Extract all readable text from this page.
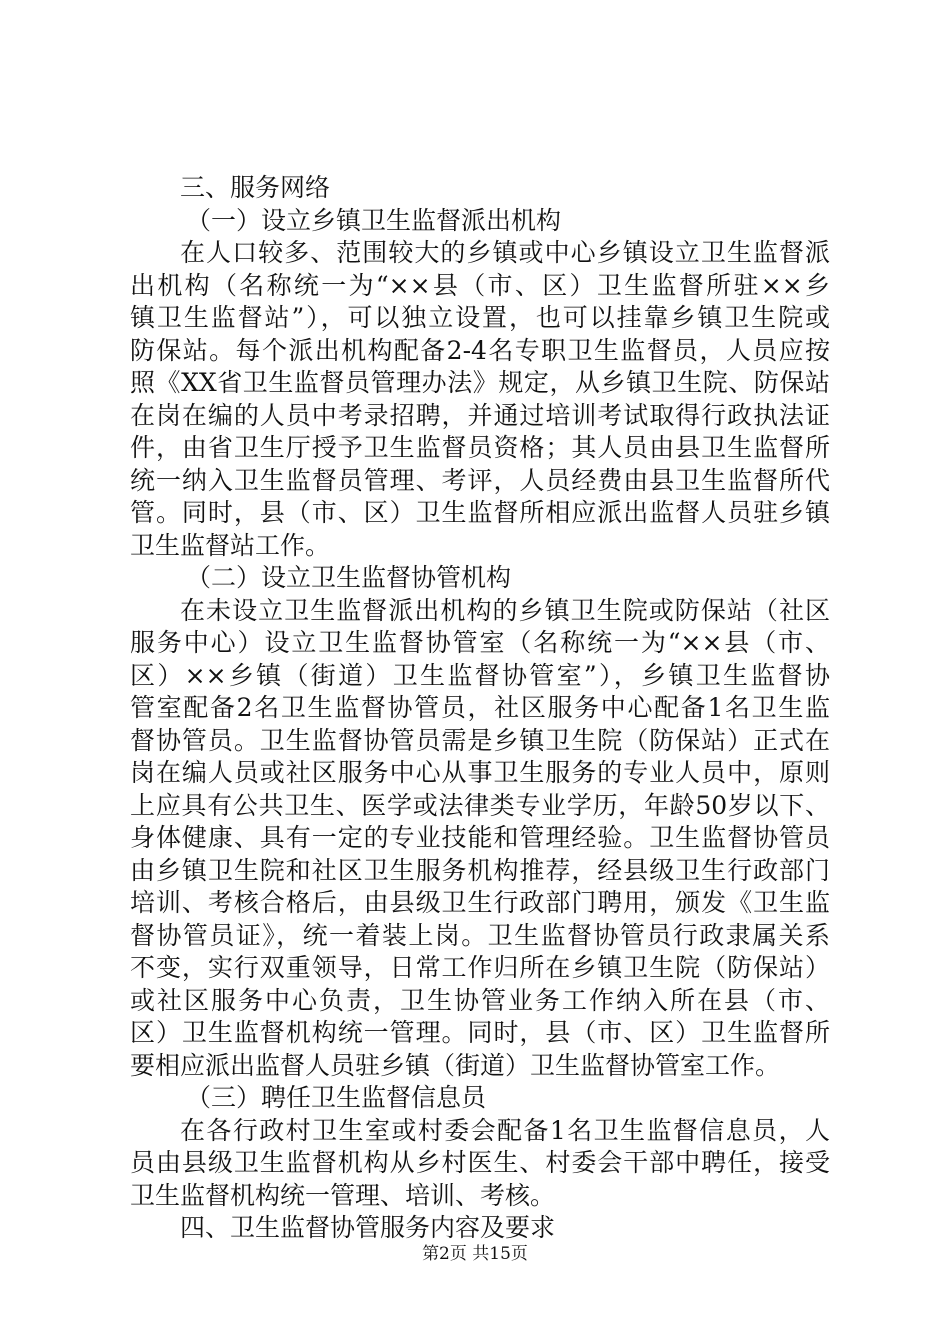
三、服务网络
（一）设立乡镇卫生监督派出机构
在人口较多、范围较大的乡镇或中心乡镇设立卫生监督派
出机构（名称统一为“××县（市、区）卫生监督所驻××乡
镇卫生监督站”），可以独立设置，也可以挂靠乡镇卫生院或
防保站。每个派出机构配备2-4名专职卫生监督员，人员应按
照《XX省卫生监督员管理办法》规定，从乡镇卫生院、防保站
在岗在编的人员中考录招聘，并通过培训考试取得行政执法证
件，由省卫生厅授予卫生监督员资格；其人员由县卫生监督所
统一纳入卫生监督员管理、考评，人员经费由县卫生监督所代
管。同时，县（市、区）卫生监督所相应派出监督人员驻乡镇
卫生监督站工作。
（二）设立卫生监督协管机构
在未设立卫生监督派出机构的乡镇卫生院或防保站（社区
服务中心）设立卫生监督协管室（名称统一为“××县（市、
区）××乡镇（街道）卫生监督协管室”），乡镇卫生监督协
管室配备2名卫生监督协管员，社区服务中心配备1名卫生监
督协管员。卫生监督协管员需是乡镇卫生院（防保站）正式在
岗在编人员或社区服务中心从事卫生服务的专业人员中，原则
上应具有公共卫生、医学或法律类专业学历，年龄50岁以下、
身体健康、具有一定的专业技能和管理经验。卫生监督协管员
由乡镇卫生院和社区卫生服务机构推荐，经县级卫生行政部门
培训、考核合格后，由县级卫生行政部门聘用，颁发《卫生监
督协管员证》，统一着装上岗。卫生监督协管员行政隶属关系
不变，实行双重领导，日常工作归所在乡镇卫生院（防保站）
或社区服务中心负责，卫生协管业务工作纳入所在县（市、
区）卫生监督机构统一管理。同时，县（市、区）卫生监督所
要相应派出监督人员驻乡镇（街道）卫生监督协管室工作。
（三）聘任卫生监督信息员
在各行政村卫生室或村委会配备1名卫生监督信息员，人
员由县级卫生监督机构从乡村医生、村委会干部中聘任，接受
卫生监督机构统一管理、培训、考核。
四、卫生监督协管服务内容及要求
第2页 共15页
